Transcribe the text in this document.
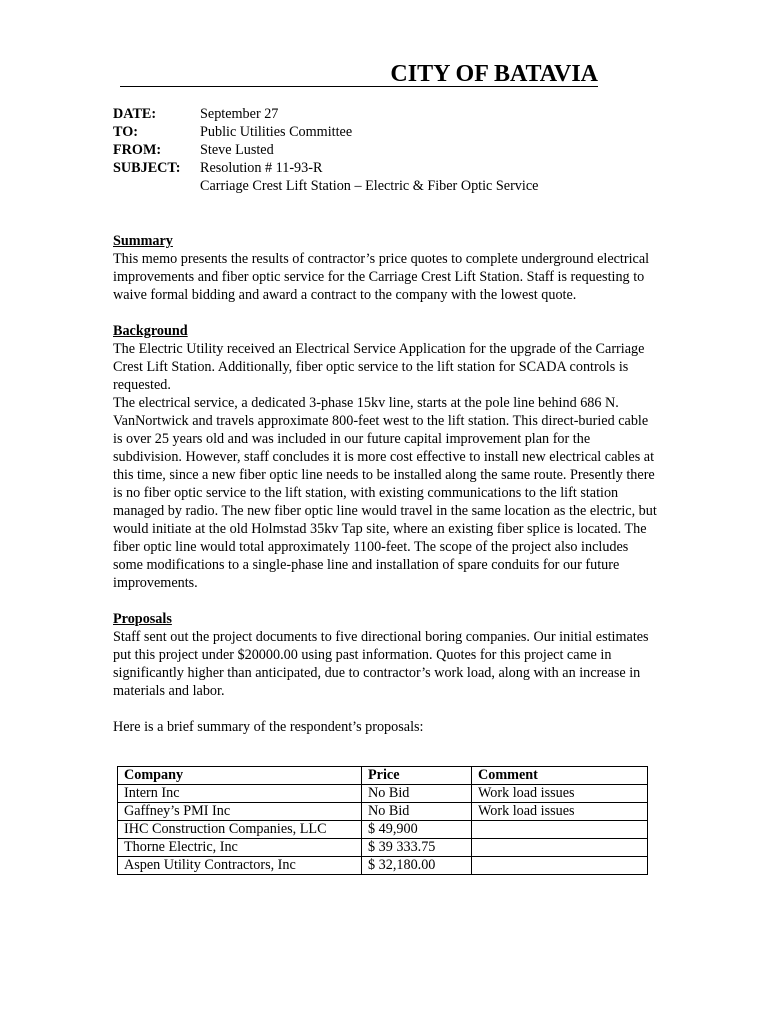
CITY OF BATAVIA
DATE:	September 27
TO:	Public Utilities Committee
FROM:	Steve Lusted
SUBJECT:	Resolution # 11-93-R
Carriage Crest Lift Station – Electric & Fiber Optic Service

Summary

This memo presents the results of contractor’s price quotes to complete underground electrical improvements and fiber optic service for the Carriage Crest Lift Station. Staff is requesting to waive formal bidding and award a contract to the company with the lowest quote.

Background

The Electric Utility received an Electrical Service Application for the upgrade of the Carriage Crest Lift Station. Additionally, fiber optic service to the lift station for SCADA controls is requested.

The electrical service, a dedicated 3-phase 15kv line, starts at the pole line behind 686 N. VanNortwick and travels approximate 800-feet west to the lift station. This direct-buried cable is over 25 years old and was included in our future capital improvement plan for the subdivision. However, staff concludes it is more cost effective to install new electrical cables at this time, since a new fiber optic line needs to be installed along the same route. Presently there is no fiber optic service to the lift station, with existing communications to the lift station managed by radio. The new fiber optic line would travel in the same location as the electric, but would initiate at the old Holmstad 35kv Tap site, where an existing fiber splice is located. The fiber optic line would total approximately 1100-feet. The scope of the project also includes some modifications to a single-phase line and installation of spare conduits for our future improvements.

Proposals

Staff sent out the project documents to five directional boring companies. Our initial estimates put this project under $20000.00 using past information. Quotes for this project came in significantly higher than anticipated, due to contractor’s work load, along with an increase in materials and labor.

Here is a brief summary of the respondent’s proposals:

Company	Price	Comment
Intern Inc	No Bid	Work load issues
Gaffney’s PMI Inc	No Bid	Work load issues
IHC Construction Companies, LLC	$ 49,900	
Thorne Electric, Inc	$ 39 333.75	
Aspen Utility Contractors, Inc	$ 32,180.00	
